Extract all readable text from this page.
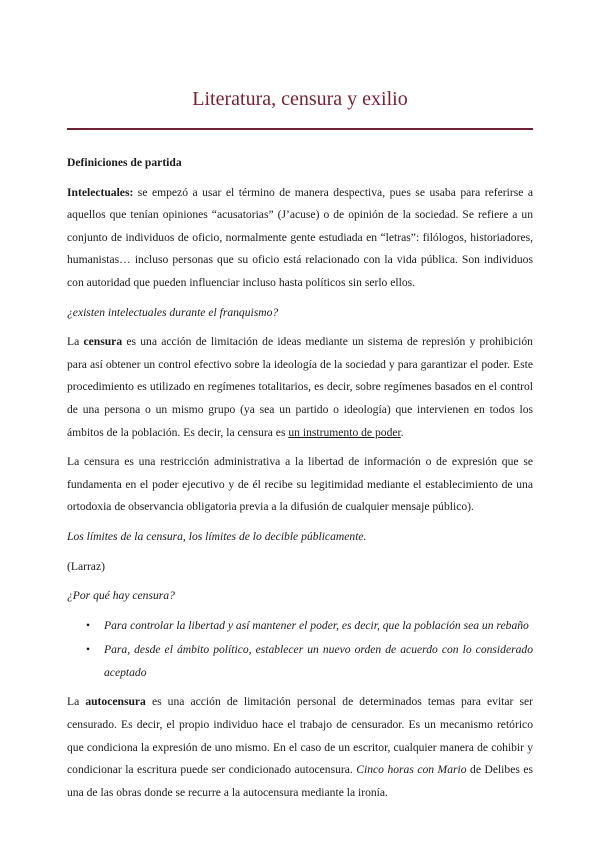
Literatura, censura y exilio

Definiciones de partida

Intelectuales: se empezó a usar el término de manera despectiva, pues se usaba para referirse a aquellos que tenían opiniones “acusatorias” (J’acuse) o de opinión de la sociedad. Se refiere a un conjunto de individuos de oficio, normalmente gente estudiada en “letras”: filólogos, historiadores, humanistas… incluso personas que su oficio está relacionado con la vida pública. Son individuos con autoridad que pueden influenciar incluso hasta políticos sin serlo ellos.

¿existen intelectuales durante el franquismo?

La censura es una acción de limitación de ideas mediante un sistema de represión y prohibición para así obtener un control efectivo sobre la ideología de la sociedad y para garantizar el poder. Este procedimiento es utilizado en regímenes totalitarios, es decir, sobre regímenes basados en el control de una persona o un mismo grupo (ya sea un partido o ideología) que intervienen en todos los ámbitos de la población. Es decir, la censura es un instrumento de poder.

La censura es una restricción administrativa a la libertad de información o de expresión que se fundamenta en el poder ejecutivo y de él recibe su legitimidad mediante el establecimiento de una ortodoxia de observancia obligatoria previa a la difusión de cualquier mensaje público).

Los límites de la censura, los límites de lo decible públicamente.

(Larraz)

¿Por qué hay censura?

• Para controlar la libertad y así mantener el poder, es decir, que la población sea un rebaño
• Para, desde el ámbito político, establecer un nuevo orden de acuerdo con lo considerado aceptado

La autocensura es una acción de limitación personal de determinados temas para evitar ser censurado. Es decir, el propio individuo hace el trabajo de censurador. Es un mecanismo retórico que condiciona la expresión de uno mismo. En el caso de un escritor, cualquier manera de cohibir y condicionar la escritura puede ser condicionado autocensura. Cinco horas con Mario de Delibes es una de las obras donde se recurre a la autocensura mediante la ironía.
